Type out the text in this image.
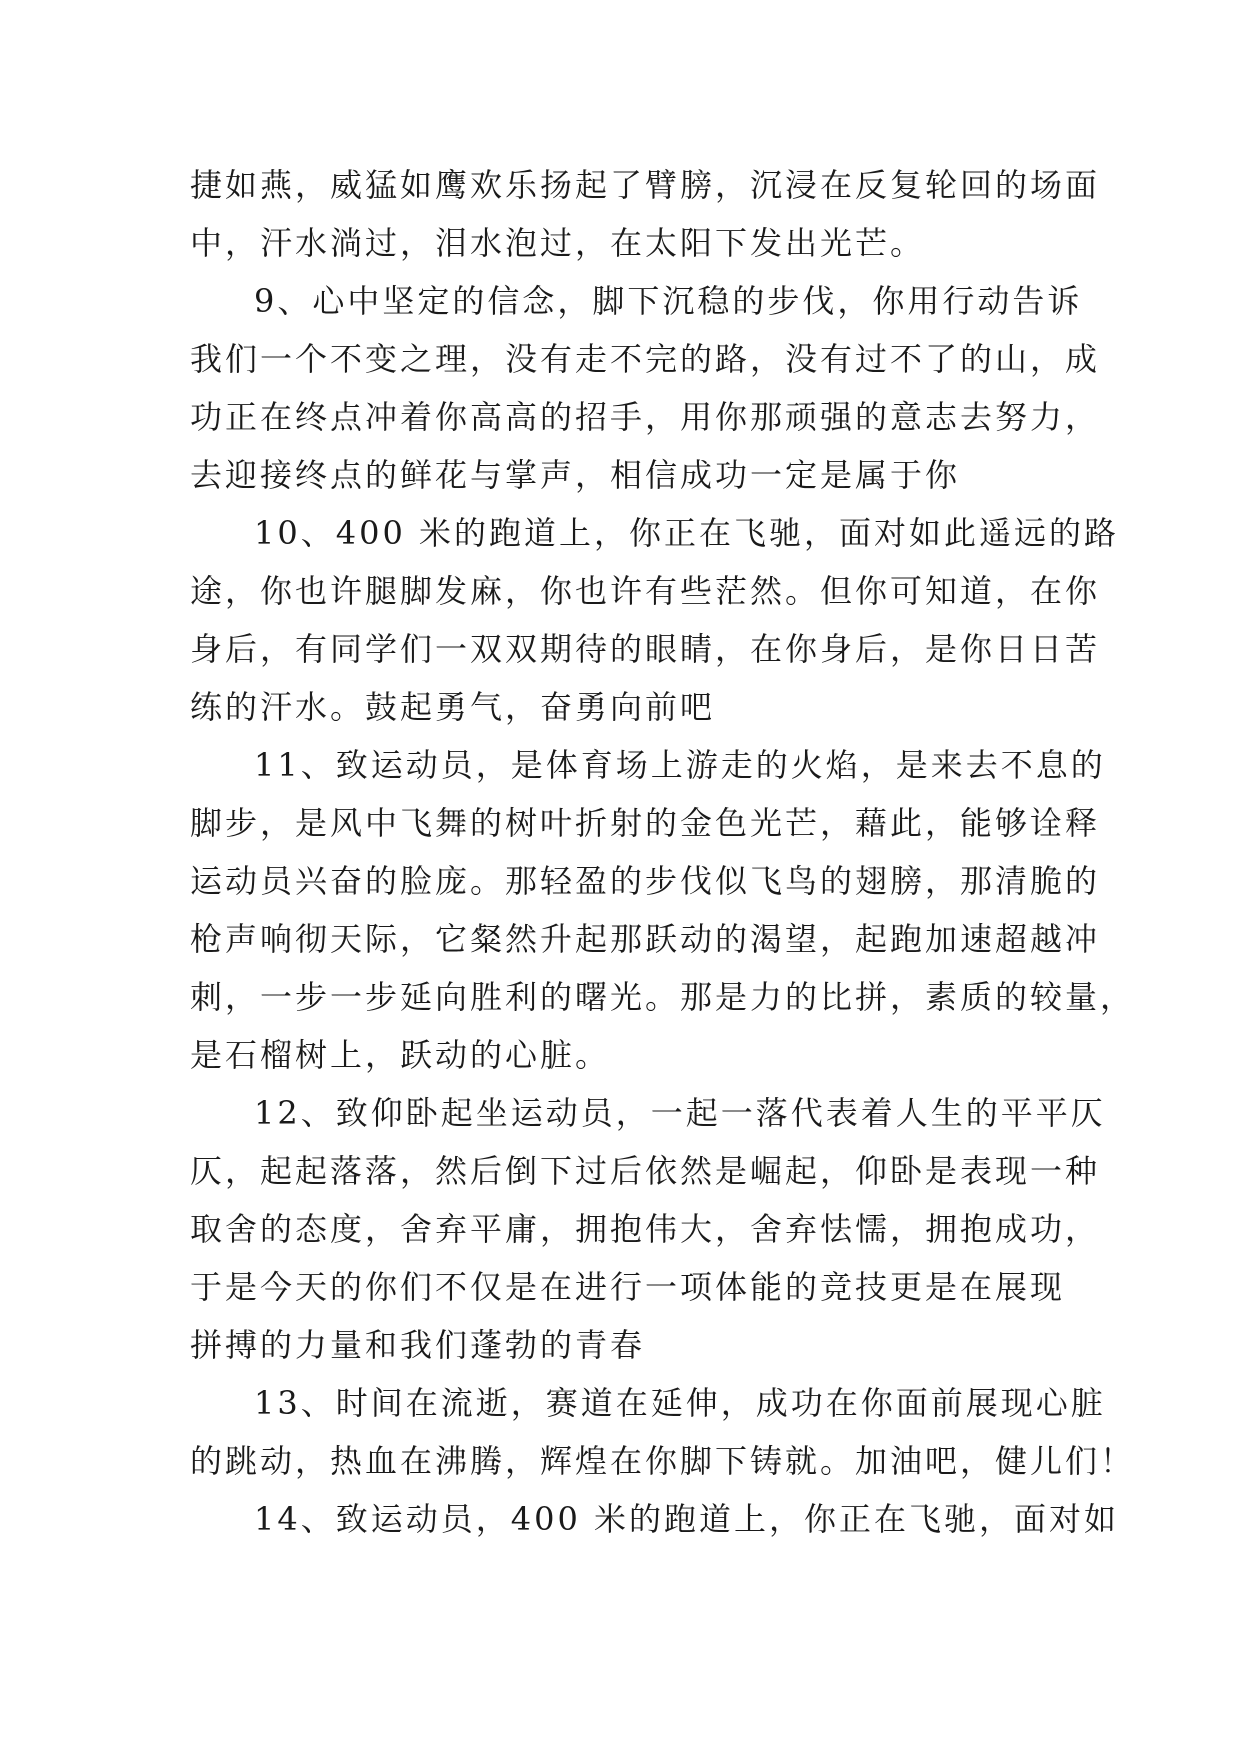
捷如燕，威猛如鹰欢乐扬起了臂膀，沉浸在反复轮回的场面
中，汗水淌过，泪水泡过，在太阳下发出光芒。
9、心中坚定的信念，脚下沉稳的步伐，你用行动告诉
我们一个不变之理，没有走不完的路，没有过不了的山，成
功正在终点冲着你高高的招手，用你那顽强的意志去努力，
去迎接终点的鲜花与掌声，相信成功一定是属于你
10、400 米的跑道上，你正在飞驰，面对如此遥远的路
途，你也许腿脚发麻，你也许有些茫然。但你可知道，在你
身后，有同学们一双双期待的眼睛，在你身后，是你日日苦
练的汗水。鼓起勇气，奋勇向前吧
11、致运动员，是体育场上游走的火焰，是来去不息的
脚步，是风中飞舞的树叶折射的金色光芒，藉此，能够诠释
运动员兴奋的脸庞。那轻盈的步伐似飞鸟的翅膀，那清脆的
枪声响彻天际，它粲然升起那跃动的渴望，起跑加速超越冲
刺，一步一步延向胜利的曙光。那是力的比拼，素质的较量，
是石榴树上，跃动的心脏。
12、致仰卧起坐运动员，一起一落代表着人生的平平仄
仄，起起落落，然后倒下过后依然是崛起，仰卧是表现一种
取舍的态度，舍弃平庸，拥抱伟大，舍弃怯懦，拥抱成功，
于是今天的你们不仅是在进行一项体能的竞技更是在展现
拼搏的力量和我们蓬勃的青春
13、时间在流逝，赛道在延伸，成功在你面前展现心脏
的跳动，热血在沸腾，辉煌在你脚下铸就。加油吧，健儿们！
14、致运动员，400 米的跑道上，你正在飞驰，面对如
